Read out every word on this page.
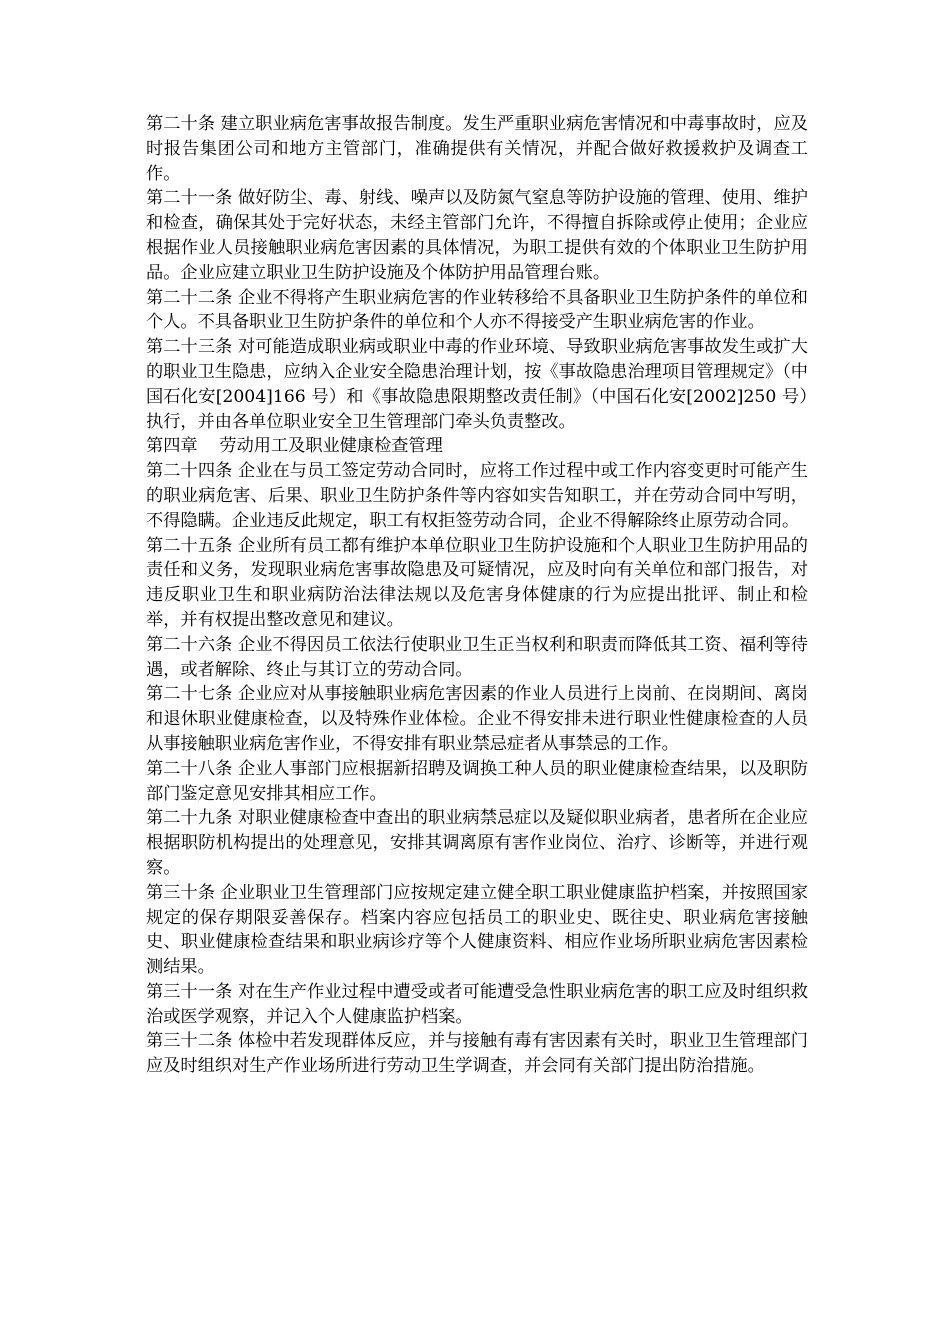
第二十条 建立职业病危害事故报告制度。发生严重职业病危害情况和中毒事故时，应及时报告集团公司和地方主管部门，准确提供有关情况，并配合做好救援救护及调查工作。

第二十一条 做好防尘、毒、射线、噪声以及防氮气窒息等防护设施的管理、使用、维护和检查，确保其处于完好状态，未经主管部门允许，不得擅自拆除或停止使用；企业应根据作业人员接触职业病危害因素的具体情况，为职工提供有效的个体职业卫生防护用品。企业应建立职业卫生防护设施及个体防护用品管理台账。

第二十二条 企业不得将产生职业病危害的作业转移给不具备职业卫生防护条件的单位和个人。不具备职业卫生防护条件的单位和个人亦不得接受产生职业病危害的作业。

第二十三条 对可能造成职业病或职业中毒的作业环境、导致职业病危害事故发生或扩大的职业卫生隐患，应纳入企业安全隐患治理计划，按《事故隐患治理项目管理规定》（中国石化安[2004]166 号）和《事故隐患限期整改责任制》（中国石化安[2002]250 号）执行，并由各单位职业安全卫生管理部门牵头负责整改。

第四章    劳动用工及职业健康检查管理

第二十四条 企业在与员工签定劳动合同时，应将工作过程中或工作内容变更时可能产生的职业病危害、后果、职业卫生防护条件等内容如实告知职工，并在劳动合同中写明，不得隐瞒。企业违反此规定，职工有权拒签劳动合同，企业不得解除终止原劳动合同。

第二十五条 企业所有员工都有维护本单位职业卫生防护设施和个人职业卫生防护用品的责任和义务，发现职业病危害事故隐患及可疑情况，应及时向有关单位和部门报告，对违反职业卫生和职业病防治法律法规以及危害身体健康的行为应提出批评、制止和检举，并有权提出整改意见和建议。

第二十六条 企业不得因员工依法行使职业卫生正当权利和职责而降低其工资、福利等待遇，或者解除、终止与其订立的劳动合同。

第二十七条 企业应对从事接触职业病危害因素的作业人员进行上岗前、在岗期间、离岗和退休职业健康检查，以及特殊作业体检。企业不得安排未进行职业性健康检查的人员从事接触职业病危害作业，不得安排有职业禁忌症者从事禁忌的工作。

第二十八条 企业人事部门应根据新招聘及调换工种人员的职业健康检查结果，以及职防部门鉴定意见安排其相应工作。

第二十九条 对职业健康检查中查出的职业病禁忌症以及疑似职业病者，患者所在企业应根据职防机构提出的处理意见，安排其调离原有害作业岗位、治疗、诊断等，并进行观察。

第三十条 企业职业卫生管理部门应按规定建立健全职工职业健康监护档案，并按照国家规定的保存期限妥善保存。档案内容应包括员工的职业史、既往史、职业病危害接触史、职业健康检查结果和职业病诊疗等个人健康资料、相应作业场所职业病危害因素检测结果。

第三十一条 对在生产作业过程中遭受或者可能遭受急性职业病危害的职工应及时组织救治或医学观察，并记入个人健康监护档案。

第三十二条 体检中若发现群体反应，并与接触有毒有害因素有关时，职业卫生管理部门应及时组织对生产作业场所进行劳动卫生学调查，并会同有关部门提出防治措施。
